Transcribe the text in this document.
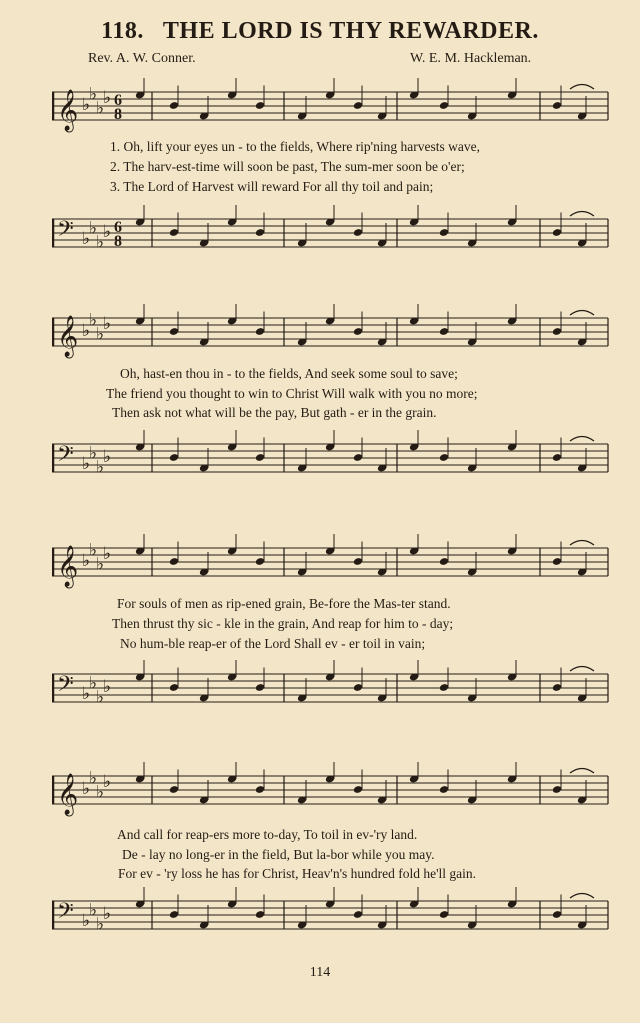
118. THE LORD IS THY REWARDER.
Rev. A. W. Conner.	W. E. M. Hackleman.
𝄞 ♭
♭
♭
♭ 6
8
1. Oh, lift your eyes un - to the fields, Where rip'ning harvests wave,
2. The harv-est-time will soon be past, The sum-mer soon be o'er;
3. The Lord of Harvest will reward For all thy toil and pain;
𝄢 ♭
♭
♭
♭ 6
8
𝄞 ♭
♭
♭
♭
Oh, hast-en thou in - to the fields, And seek some soul to save;
The friend you thought to win to Christ Will walk with you no more;
Then ask not what will be the pay, But gath - er in the grain.
𝄢 ♭
♭
♭
♭
𝄞 ♭
♭
♭
♭
For souls of men as rip-ened grain, Be-fore the Mas-ter stand.
Then thrust thy sic - kle in the grain, And reap for him to - day;
No hum-ble reap-er of the Lord Shall ev - er toil in vain;
𝄢 ♭
♭
♭
♭
𝄞 ♭
♭
♭
♭
And call for reap-ers more to-day, To toil in ev-'ry land.
De - lay no long-er in the field, But la-bor while you may.
For ev - 'ry loss he has for Christ, Heav'n's hundred fold he'll gain.
𝄢 ♭
♭
♭
♭
114
